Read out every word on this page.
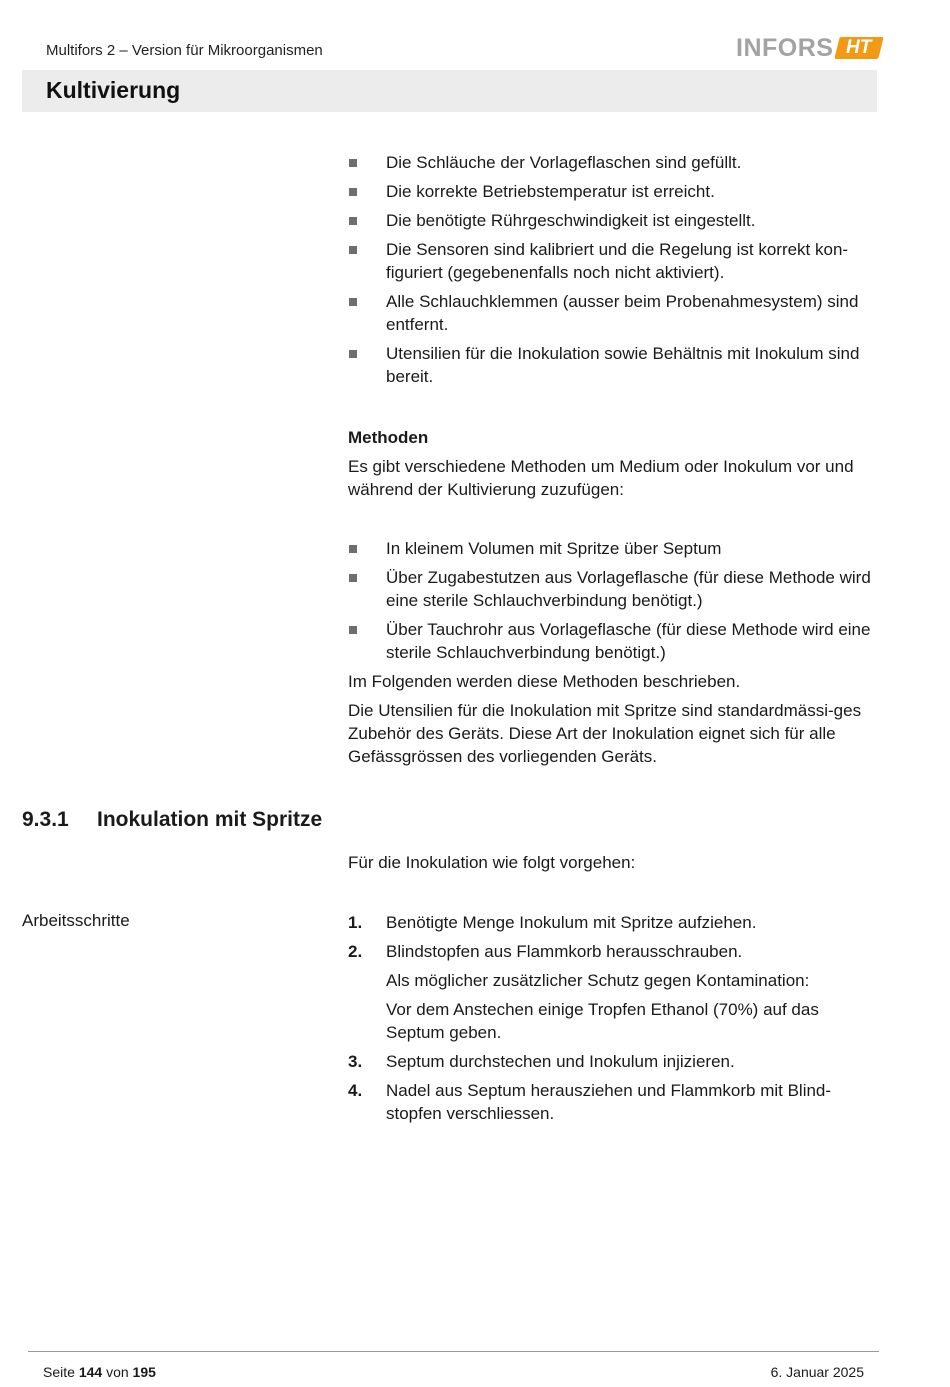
Multifors 2 – Version für Mikroorganismen	INFORS HT
Kultivierung
Die Schläuche der Vorlageflaschen sind gefüllt.
Die korrekte Betriebstemperatur ist erreicht.
Die benötigte Rührgeschwindigkeit ist eingestellt.
Die Sensoren sind kalibriert und die Regelung ist korrekt kon-figuriert (gegebenenfalls noch nicht aktiviert).
Alle Schlauchklemmen (ausser beim Probenahmesystem) sind entfernt.
Utensilien für die Inokulation sowie Behältnis mit Inokulum sind bereit.
Methoden

Es gibt verschiedene Methoden um Medium oder Inokulum vor und während der Kultivierung zuzufügen:

In kleinem Volumen mit Spritze über Septum
Über Zugabestutzen aus Vorlageflasche (für diese Methode wird eine sterile Schlauchverbindung benötigt.)
Über Tauchrohr aus Vorlageflasche (für diese Methode wird eine sterile Schlauchverbindung benötigt.)

Im Folgenden werden diese Methoden beschrieben.

Die Utensilien für die Inokulation mit Spritze sind standardmässi-ges Zubehör des Geräts. Diese Art der Inokulation eignet sich für alle Gefässgrössen des vorliegenden Geräts.

9.3.1 Inokulation mit Spritze

Für die Inokulation wie folgt vorgehen:

Arbeitsschritte	1. Benötigte Menge Inokulum mit Spritze aufziehen.
2. Blindstopfen aus Flammkorb herausschrauben.
Als möglicher zusätzlicher Schutz gegen Kontamination:
Vor dem Anstechen einige Tropfen Ethanol (70%) auf das Septum geben.
3. Septum durchstechen und Inokulum injizieren.
4. Nadel aus Septum herausziehen und Flammkorb mit Blind-stopfen verschliessen.
Seite 144 von 195	6. Januar 2025
